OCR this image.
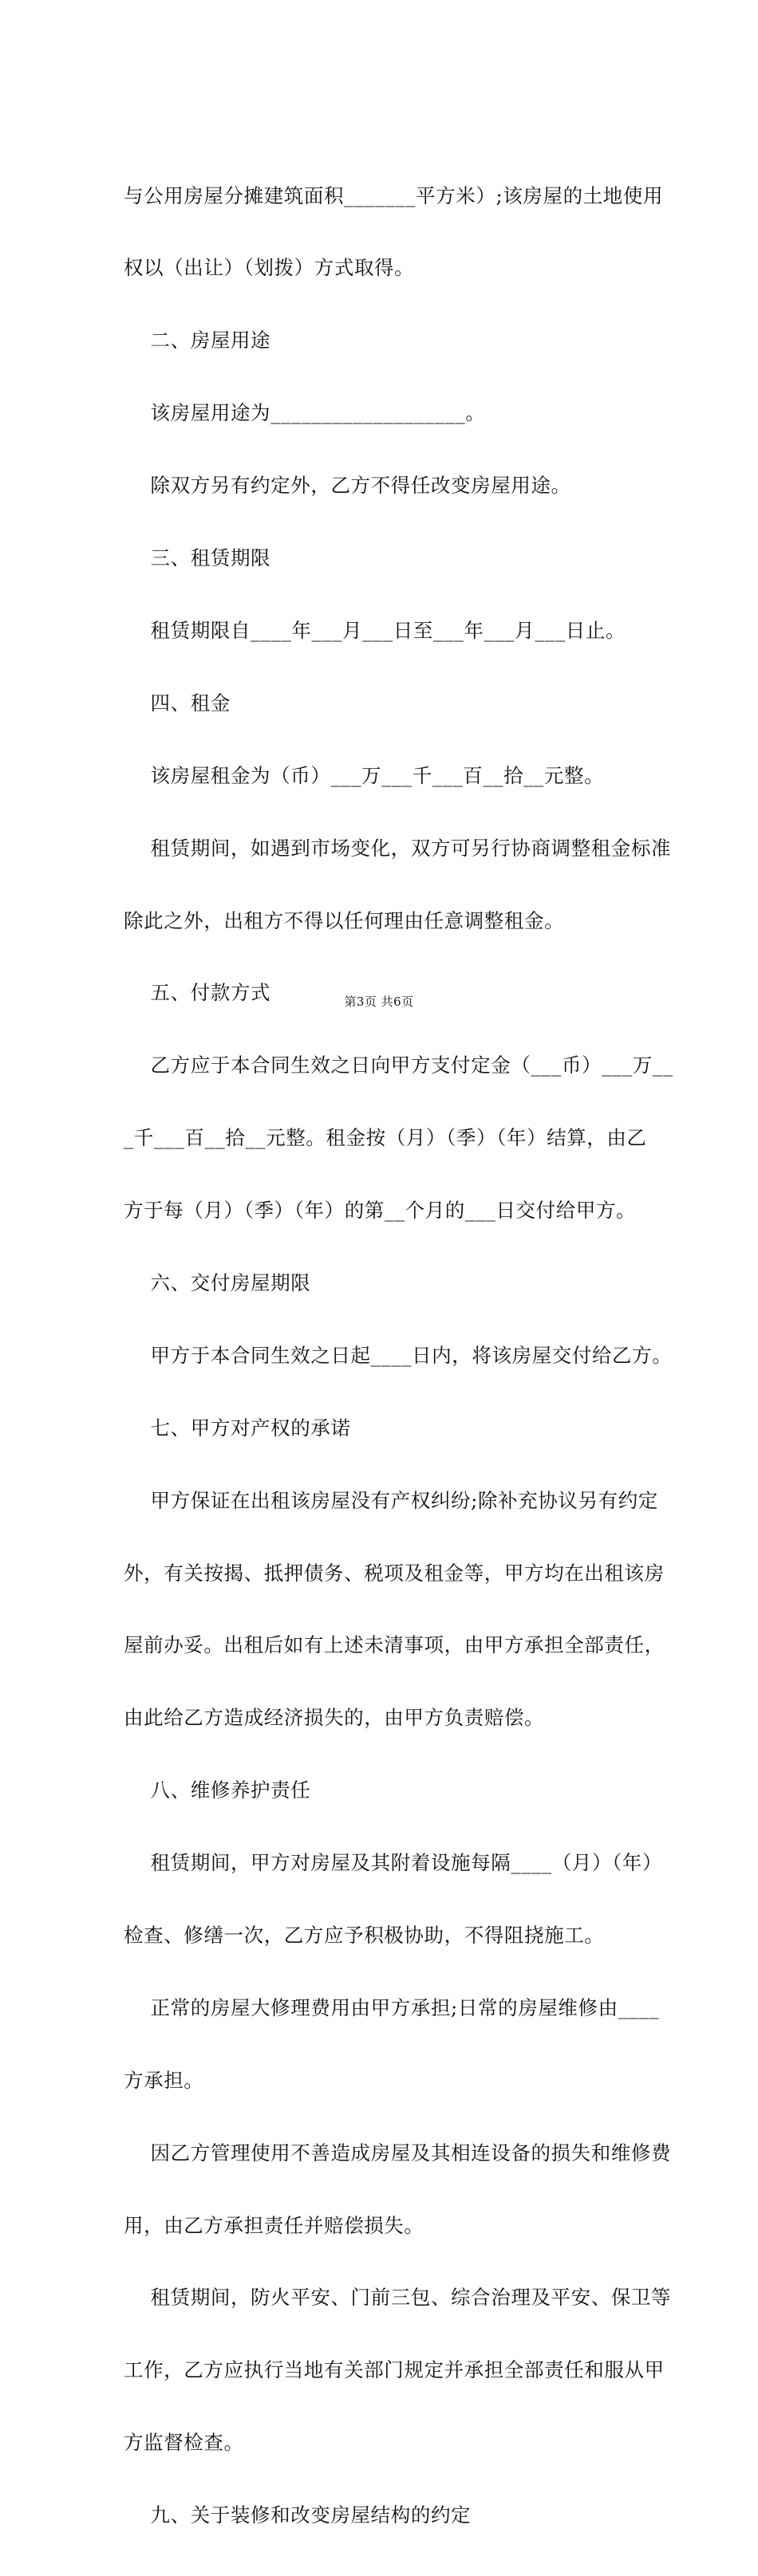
与公用房屋分摊建筑面积_______平方米）;该房屋的土地使用

权以（出让）（划拨）方式取得。

二、房屋用途

该房屋用途为___________________。

除双方另有约定外，乙方不得任改变房屋用途。

三、租赁期限

租赁期限自____年___月___日至___年___月___日止。

四、租金

该房屋租金为（币）___万___千___百__拾__元整。

租赁期间，如遇到市场变化，双方可另行协商调整租金标准

除此之外，出租方不得以任何理由任意调整租金。

五、付款方式

乙方应于本合同生效之日向甲方支付定金（___币）___万__

_千___百__拾__元整。租金按（月）（季）（年）结算，由乙

方于每（月）（季）（年）的第__个月的___日交付给甲方。

六、交付房屋期限

甲方于本合同生效之日起____日内，将该房屋交付给乙方。

七、甲方对产权的承诺

甲方保证在出租该房屋没有产权纠纷;除补充协议另有约定

外，有关按揭、抵押债务、税项及租金等，甲方均在出租该房

屋前办妥。出租后如有上述未清事项，由甲方承担全部责任，

由此给乙方造成经济损失的，由甲方负责赔偿。

八、维修养护责任

租赁期间，甲方对房屋及其附着设施每隔____（月）（年）

检查、修缮一次，乙方应予积极协助，不得阻挠施工。

正常的房屋大修理费用由甲方承担;日常的房屋维修由____

方承担。

因乙方管理使用不善造成房屋及其相连设备的损失和维修费

用，由乙方承担责任并赔偿损失。

租赁期间，防火平安、门前三包、综合治理及平安、保卫等

工作，乙方应执行当地有关部门规定并承担全部责任和服从甲

方监督检查。

九、关于装修和改变房屋结构的约定

第3页 共6页
